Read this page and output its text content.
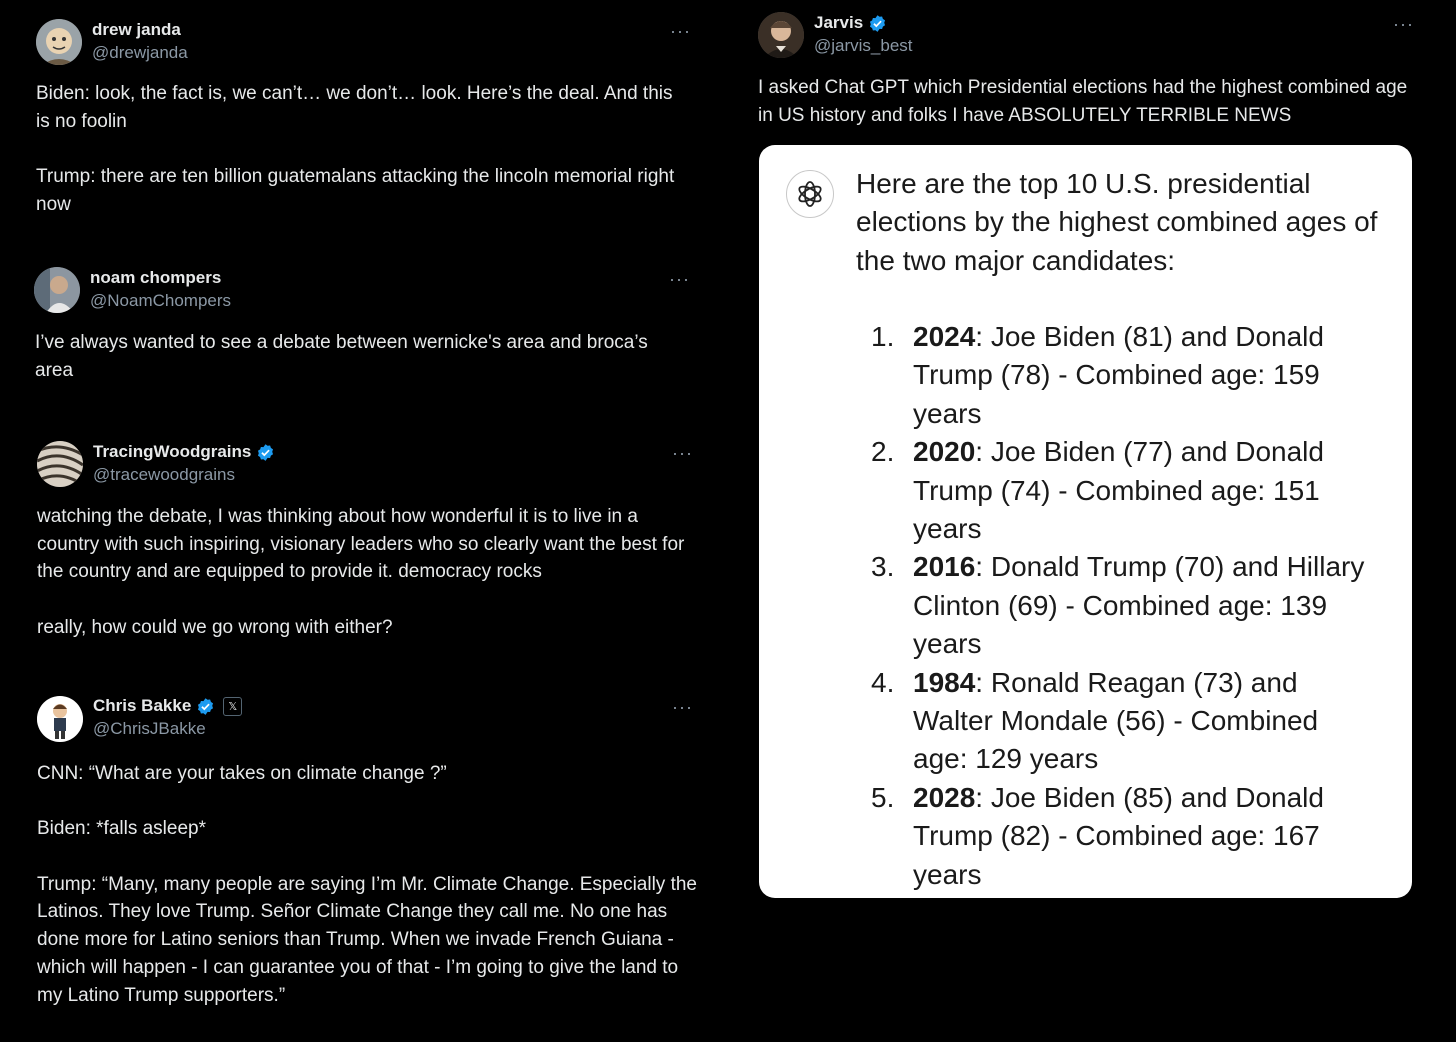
drew janda
@drewjanda
···

Biden: look, the fact is, we can’t… we don’t… look. Here’s the deal. And this is no foolin

Trump: there are ten billion guatemalans attacking the lincoln memorial right now

noam chompers
@NoamChompers
···

I’ve always wanted to see a debate between wernicke's area and broca’s area

TracingWoodgrains
@tracewoodgrains
···

watching the debate, I was thinking about how wonderful it is to live in a country with such inspiring, visionary leaders who so clearly want the best for the country and are equipped to provide it. democracy rocks

really, how could we go wrong with either?

Chris Bakke	𝕏
@ChrisJBakke
···

CNN: “What are your takes on climate change ?”

Biden: *falls asleep*

Trump: “Many, many people are saying I’m Mr. Climate Change. Especially the Latinos. They love Trump. Señor Climate Change they call me. No one has done more for Latino seniors than Trump. When we invade French Guiana - which will happen - I can guarantee you of that - I’m going to give the land to my Latino Trump supporters.”

Jarvis
@jarvis_best
···

I asked Chat GPT which Presidential elections had the highest combined age in US history and folks I have ABSOLUTELY TERRIBLE NEWS

Here are the top 10 U.S. presidential elections by the highest combined ages of the two major candidates:
1. 2024: Joe Biden (81) and Donald Trump (78) - Combined age: 159 years
2. 2020: Joe Biden (77) and Donald Trump (74) - Combined age: 151 years
3. 2016: Donald Trump (70) and Hillary Clinton (69) - Combined age: 139 years
4. 1984: Ronald Reagan (73) and Walter Mondale (56) - Combined age: 129 years
5. 2028: Joe Biden (85) and Donald Trump (82) - Combined age: 167 years
